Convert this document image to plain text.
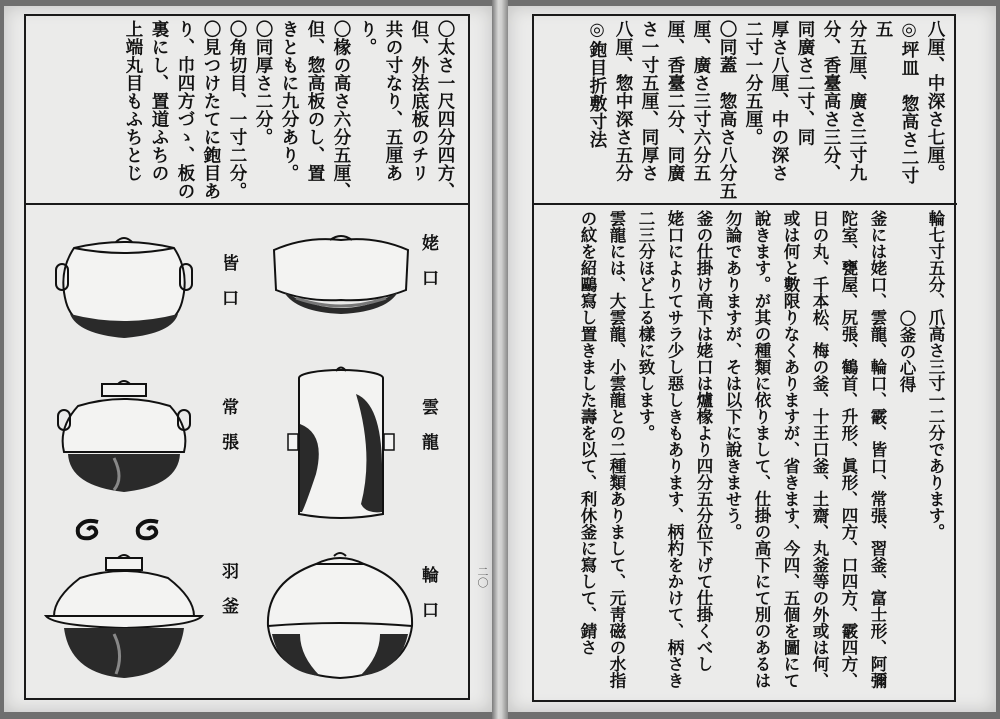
〇太さ一尺四分四方、

但、外法底板のチリ

共の寸なり、五厘あ

り。

〇椽の高さ六分五厘、

但、惣高板のし、置

きともに九分あり。

〇同厚さ二分。

〇角切目、一寸二分。

〇見つけたてに鉋目あ

り、巾四方づゝ、板の

裏にし、置道ふちの

上端丸目もふちとじ

姥口
雲龍
輪口
皆口
常張
羽釜	二〇

八厘、中深さ七厘。

◎坪皿　惣高さ二寸五

分五厘、廣さ三寸九

分、香臺高さ三分、

同廣さ二寸、同

厚さ八厘、中の深さ

二寸一分五厘。

〇同蓋　惣高さ八分五

厘、廣さ三寸六分五

厘、香臺二分、同廣

さ一寸五厘、同厚さ

八厘、惣中深さ五分

◎鉋目折敷寸法

輪七寸五分、爪高さ三寸一二分であります。

〇釜の心得

釜には姥口、雲龍、輪口、霰、皆口、常張、習釜、富士形、阿彌

陀室、甕屋、尻張、鶴首、升形、眞形、四方、口四方、霰四方、

日の丸、千本松、梅の釜、十王口釜、土齋、丸釜等の外或は何、

或は何と數限りなくありますが、省きます、今四、五個を圖にて

說きます。が其の種類に依りまして、仕掛の高下にて別のあるは

勿論でありますが、そは以下に說きませう。

釜の仕掛け高下は姥口は爐椽より四分五分位下げて仕掛くべし

姥口によりてサラ少し惡しきもあります、柄杓をかけて、柄さき

二三分ほど上る樣に致します。

雲龍には、大雲龍、小雲龍との二種類ありまして、元靑磁の水指

の紋を紹鷗寫し置きました壽を以て、利休釜に寫して、錆さ
